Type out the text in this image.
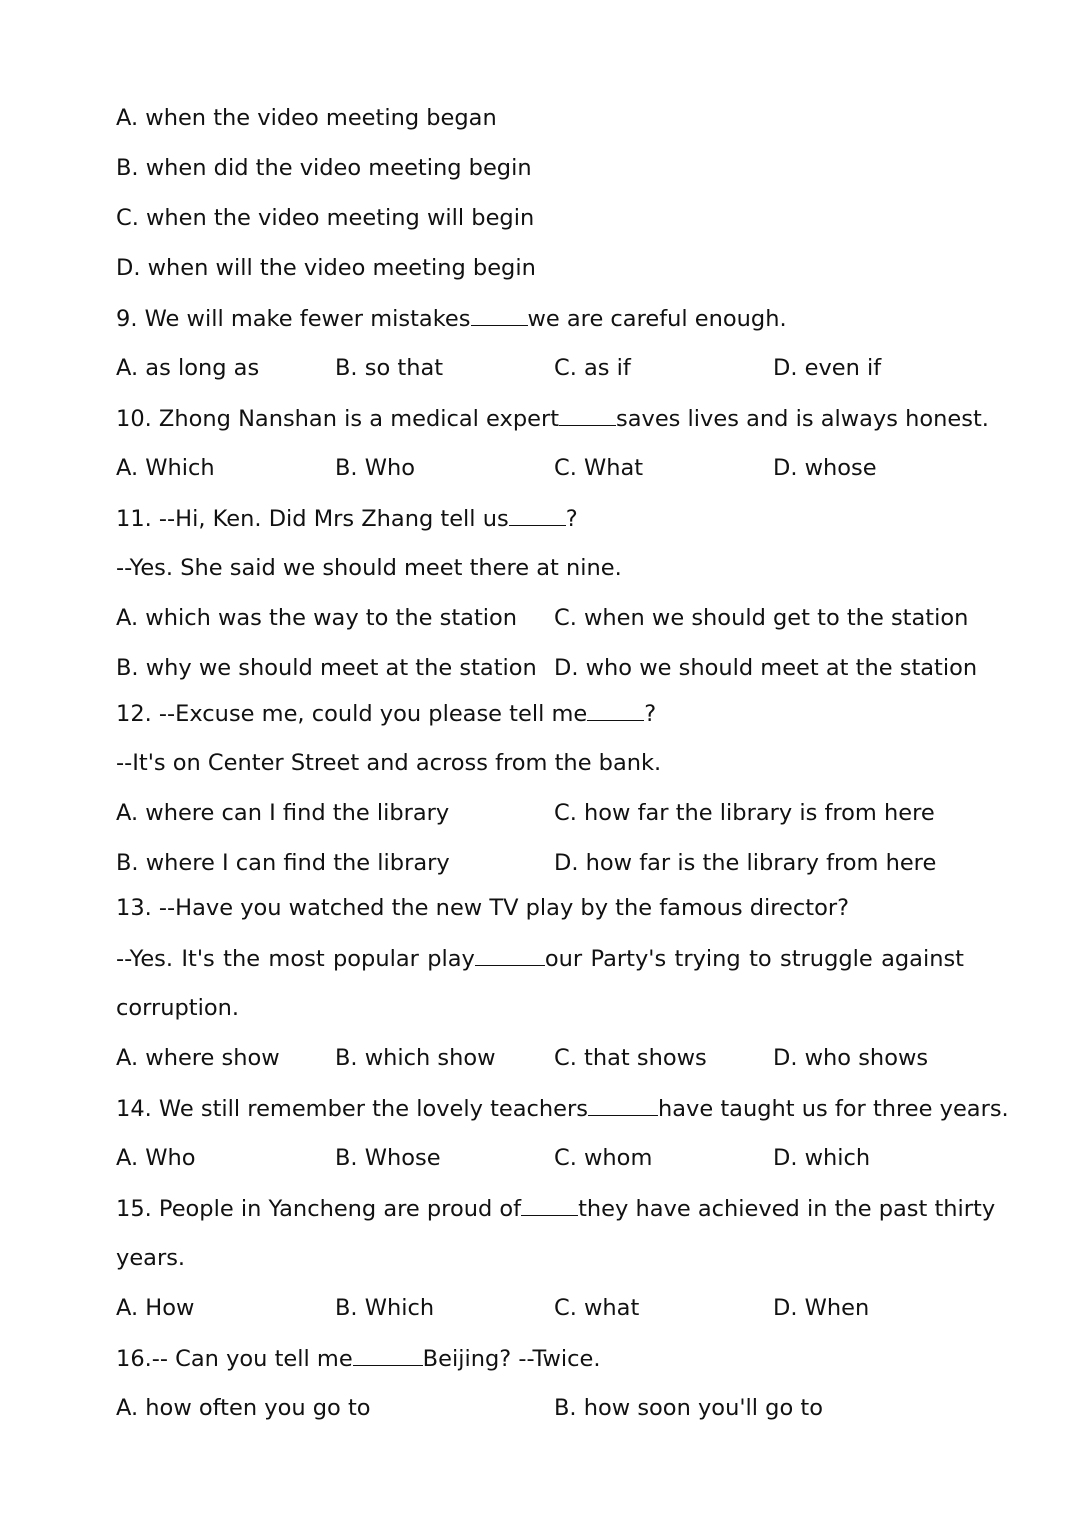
A. when the video meeting began
B. when did the video meeting begin
C. when the video meeting will begin
D. when will the video meeting begin
9. We will make fewer mistakes	we are careful enough.
A. as long as	B. so that	C. as if	D. even if
10. Zhong Nanshan is a medical expert	saves lives and is always honest.
A. Which	B. Who	C. What	D. whose
11. --Hi, Ken. Did Mrs Zhang tell us	?
--Yes. She said we should meet there at nine.
A. which was the way to the station C. when we should get to the station
B. why we should meet at the station D. who we should meet at the station
12. --Excuse me, could you please tell me	?
--It's on Center Street and across from the bank.
A. where can I find the library	C. how far the library is from here
B. where I can find the library	D. how far is the library from here
13. --Have you watched the new TV play by the famous director?
--Yes. It's the most popular play	our Party's trying to struggle against
corruption.
A. where show B. which show	C. that shows	D. who shows
14. We still remember the lovely teachers	have taught us for three years.
A. Who	B. Whose	C. whom	D. which
15. People in Yancheng are proud of	they have achieved in the past thirty
years.
A. How	B. Which	C. what	D. When
16.-- Can you tell me	Beijing? --Twice.
A. how often you go to	B. how soon you'll go to
